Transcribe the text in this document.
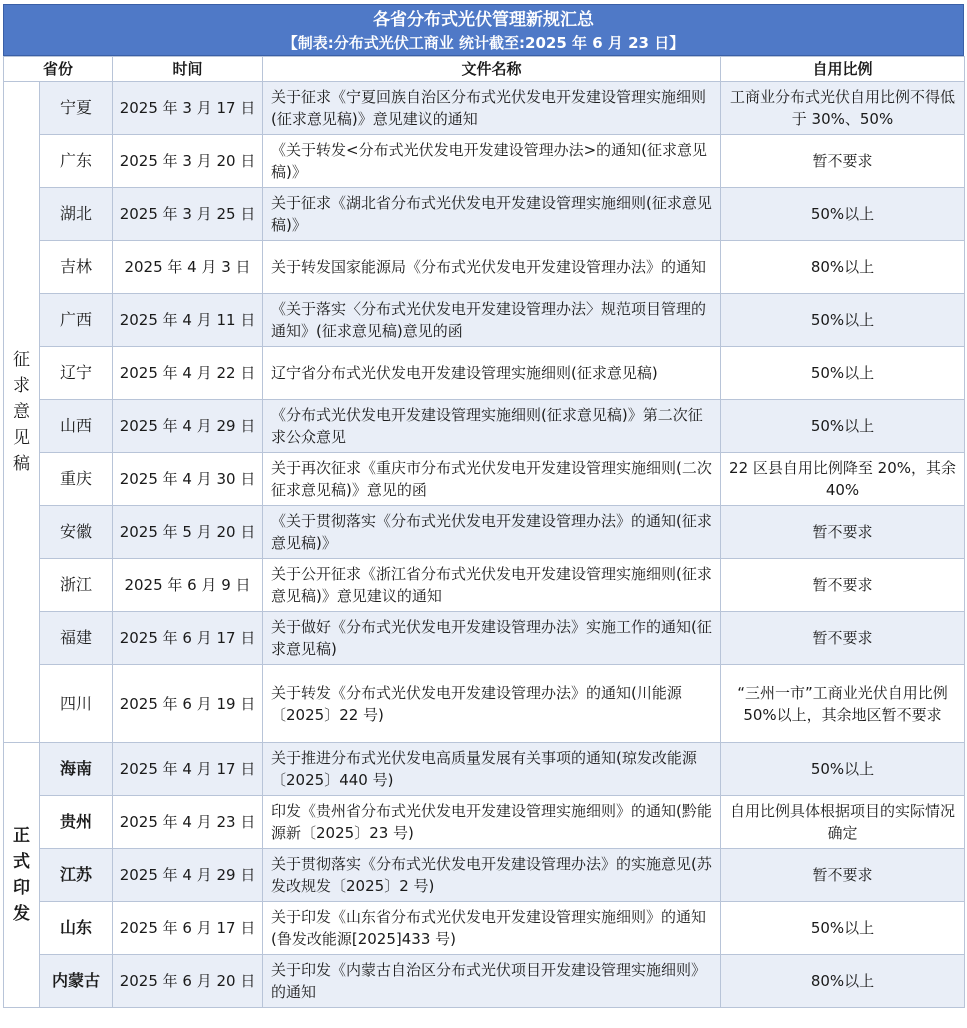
各省分布式光伏管理新规汇总
【制表:分布式光伏工商业 统计截至:2025 年 6 月 23 日】
省份		时间	文件名称	自用比例

征求意见稿	宁夏	2025 年 3 月 17 日	关于征求《宁夏回族自治区分布式光伏发电开发建设管理实施细则(征求意见稿)》意见建议的通知	工商业分布式光伏自用比例不得低于 30%、50%
	广东	2025 年 3 月 20 日	《关于转发<分布式光伏发电开发建设管理办法>的通知(征求意见稿)》	暂不要求
	湖北	2025 年 3 月 25 日	关于征求《湖北省分布式光伏发电开发建设管理实施细则(征求意见稿)》	50%以上
	吉林	2025 年 4 月 3 日	关于转发国家能源局《分布式光伏发电开发建设管理办法》的通知	80%以上
	广西	2025 年 4 月 11 日	《关于落实〈分布式光伏发电开发建设管理办法〉规范项目管理的通知》(征求意见稿)意见的函	50%以上
	辽宁	2025 年 4 月 22 日	辽宁省分布式光伏发电开发建设管理实施细则(征求意见稿)	50%以上
	山西	2025 年 4 月 29 日	《分布式光伏发电开发建设管理实施细则(征求意见稿)》第二次征求公众意见	50%以上
	重庆	2025 年 4 月 30 日	关于再次征求《重庆市分布式光伏发电开发建设管理实施细则(二次征求意见稿)》意见的函	22 区县自用比例降至 20%，其余 40%
	安徽	2025 年 5 月 20 日	《关于贯彻落实《分布式光伏发电开发建设管理办法》的通知(征求意见稿)》	暂不要求
	浙江	2025 年 6 月 9 日	关于公开征求《浙江省分布式光伏发电开发建设管理实施细则(征求意见稿)》意见建议的通知	暂不要求
	福建	2025 年 6 月 17 日	关于做好《分布式光伏发电开发建设管理办法》实施工作的通知(征求意见稿)	暂不要求
	四川	2025 年 6 月 19 日	关于转发《分布式光伏发电开发建设管理办法》的通知(川能源〔2025〕22 号)	“三州一市”工商业光伏自用比例 50%以上，其余地区暂不要求

正式印发	海南	2025 年 4 月 17 日	关于推进分布式光伏发电高质量发展有关事项的通知(琼发改能源〔2025〕440 号)	50%以上
	贵州	2025 年 4 月 23 日	印发《贵州省分布式光伏发电开发建设管理实施细则》的通知(黔能源新〔2025〕23 号)	自用比例具体根据项目的实际情况确定
	江苏	2025 年 4 月 29 日	关于贯彻落实《分布式光伏发电开发建设管理办法》的实施意见(苏发改规发〔2025〕2 号)	暂不要求
	山东	2025 年 6 月 17 日	关于印发《山东省分布式光伏发电开发建设管理实施细则》的通知(鲁发改能源[2025]433 号)	50%以上
	内蒙古	2025 年 6 月 20 日	关于印发《内蒙古自治区分布式光伏项目开发建设管理实施细则》的通知	80%以上
